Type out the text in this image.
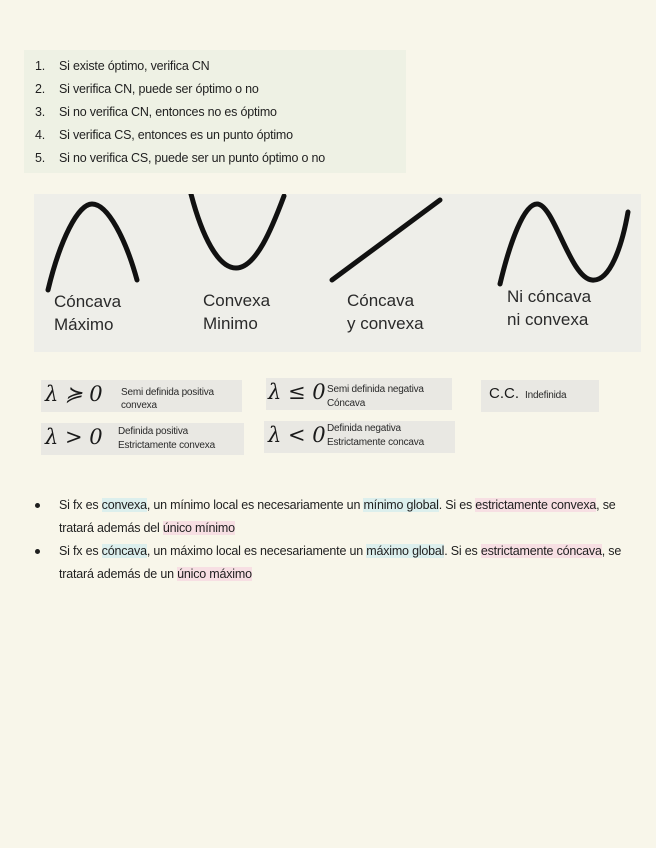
1. Si existe óptimo, verifica CN
2. Si verifica CN, puede ser óptimo o no
3. Si no verifica CN, entonces no es óptimo
4. Si verifica CS, entonces es un punto óptimo
5. Si no verifica CS, puede ser un punto óptimo o no
Cóncava
Máximo
Convexa
Minimo
Cóncava
y convexa
Ni cóncava
ni convexa
λ ≽ 0 Semi definida positiva
convexa
λ ≤ 0 Semi definida negativa
Cóncava
C.C. Indefinida
λ > 0 Definida positiva
Estrictamente convexa	λ < 0 Definida negativa
Estrictamente concava
Si fx es convexa, un mínimo local es necesariamente un mínimo global. Si es estrictamente convexa, se tratará además del único mínimo
Si fx es cóncava, un máximo local es necesariamente un máximo global. Si es estrictamente cóncava, se tratará además de un único máximo
